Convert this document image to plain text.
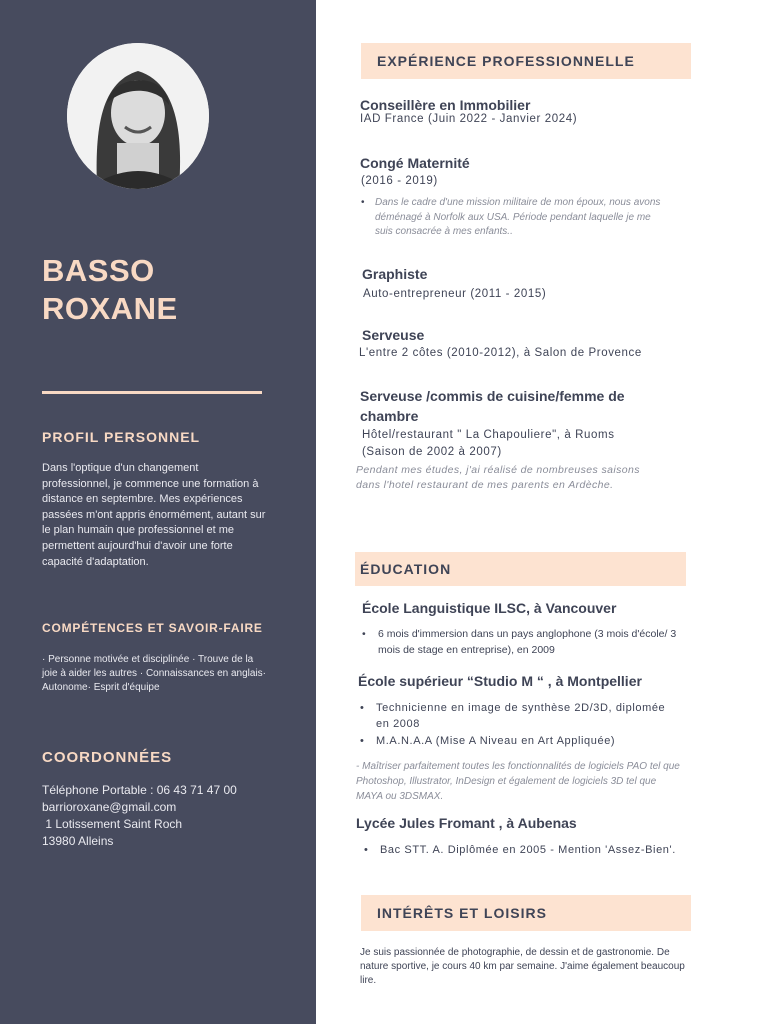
BASSO
ROXANE
PROFIL PERSONNEL
Dans l'optique d'un changement professionnel, je commence une formation à distance en septembre. Mes expériences passées m'ont appris énormément, autant sur le plan humain que professionnel et me permettent aujourd'hui d'avoir une forte capacité d'adaptation.
COMPÉTENCES ET SAVOIR-FAIRE
· Personne motivée et disciplinée · Trouve de la joie à aider les autres · Connaissances en anglais· Autonome· Esprit d'équipe
COORDONNÉES
Téléphone Portable : 06 43 71 47 00
barrioroxane@gmail.com
1 Lotissement Saint Roch
13980 Alleins
EXPÉRIENCE PROFESSIONNELLE
Conseillère en Immobilier
IAD France (Juin 2022 - Janvier 2024)
Congé Maternité
(2016 - 2019)
• Dans le cadre d'une mission militaire de mon époux, nous avons déménagé à Norfolk aux USA. Période pendant laquelle je me suis consacrée à mes enfants..
Graphiste
Auto-entrepreneur (2011 - 2015)
Serveuse
L'entre 2 côtes (2010-2012), à Salon de Provence
Serveuse /commis de cuisine/femme de
chambre
Hôtel/restaurant " La Chapouliere", à Ruoms
(Saison de 2002 à 2007)
Pendant mes études, j'ai réalisé de nombreuses saisons dans l'hotel restaurant de mes parents en Ardèche.
ÉDUCATION
École Languistique ILSC, à Vancouver
•	6 mois d'immersion dans un pays anglophone (3 mois d'école/ 3 mois de stage en entreprise), en 2009
École supérieur “Studio M “ , à Montpellier
•	Technicienne en image de synthèse 2D/3D, diplomée en 2008
•	M.A.N.A.A (Mise A Niveau en Art Appliquée)
- Maîtriser parfaitement toutes les fonctionnalités de logiciels PAO tel que Photoshop, Illustrator, InDesign et également de logiciels 3D tel que MAYA ou 3DSMAX.
Lycée Jules Fromant , à Aubenas
•	Bac STT. A. Diplômée en 2005 - Mention 'Assez-Bien'.
INTÉRÊTS ET LOISIRS
Je suis passionnée de photographie, de dessin et de gastronomie. De nature sportive, je cours 40 km par semaine. J'aime également beaucoup lire.
